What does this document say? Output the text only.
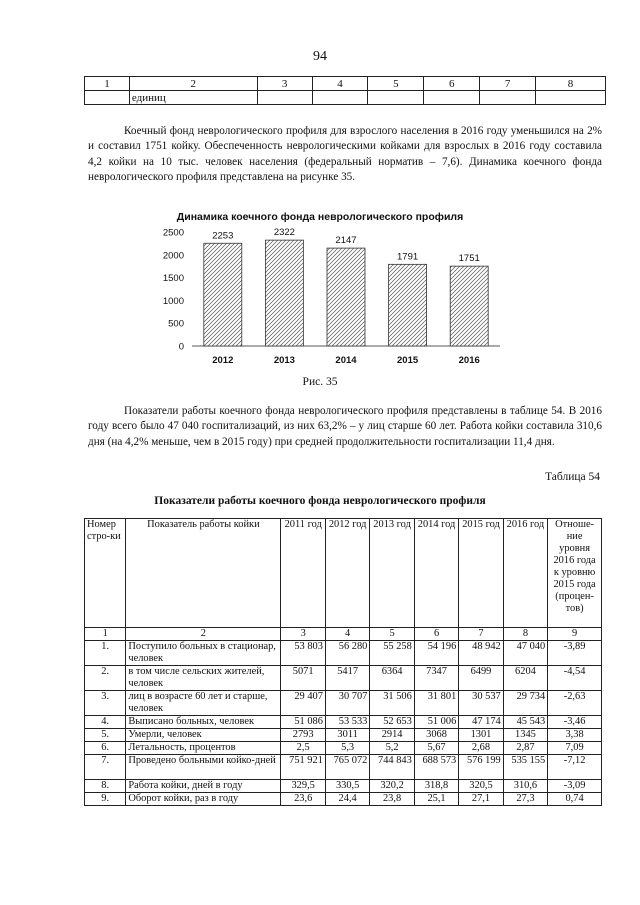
94
1	2	3	4	5	6	7	8
	единиц						
Коечный фонд неврологического профиля для взрослого населения в 2016 году уменьшился на 2% и составил 1751 койку. Обеспеченность неврологическими койками для взрослых в 2016 году составила 4,2 койки на 10 тыс. человек населения (федеральный норматив – 7,6). Динамика коечного фонда неврологического профиля представлена на рисунке 35.
Динамика коечного фонда неврологического профиля
2500
2000
1500
1000
500
0
2253
2012
2322
2013
2147
2014
1791
2015
1751
2016
Рис. 35
Показатели работы коечного фонда неврологического профиля представлены в таблице 54. В 2016 году всего было 47 040 госпитализаций, из них 63,2% – у лиц старше 60 лет. Работа койки составила 310,6 дня (на 4,2% меньше, чем в 2015 году) при средней продолжительности госпитализации 11,4 дня.
Таблица 54
Показатели работы коечного фонда неврологического профиля
Номер стро-ки	Показатель работы койки	2011 год	2012 год	2013 год	2014 год	2015 год	2016 год	Отноше-ние уровня 2016 года к уровню 2015 года (процен-тов)
1	2	3	4	5	6	7	8	9
1.	Поступило больных в стационар, человек	53 803	56 280	55 258	54 196	48 942	47 040	-3,89
2.	в том числе сельских жителей, человек	5071	5417	6364	7347	6499	6204	-4,54
3.	лиц в возрасте 60 лет и старше, человек	29 407	30 707	31 506	31 801	30 537	29 734	-2,63
4.	Выписано больных, человек	51 086	53 533	52 653	51 006	47 174	45 543	-3,46
5.	Умерли, человек	2793	3011	2914	3068	1301	1345	3,38
6.	Летальность, процентов	2,5	5,3	5,2	5,67	2,68	2,87	7,09
7.	Проведено больными койко-дней	751 921	765 072	744 843	688 573	576 199	535 155	-7,12
8.	Работа койки, дней в году	329,5	330,5	320,2	318,8	320,5	310,6	-3,09
9.	Оборот койки, раз в году	23,6	24,4	23,8	25,1	27,1	27,3	0,74
